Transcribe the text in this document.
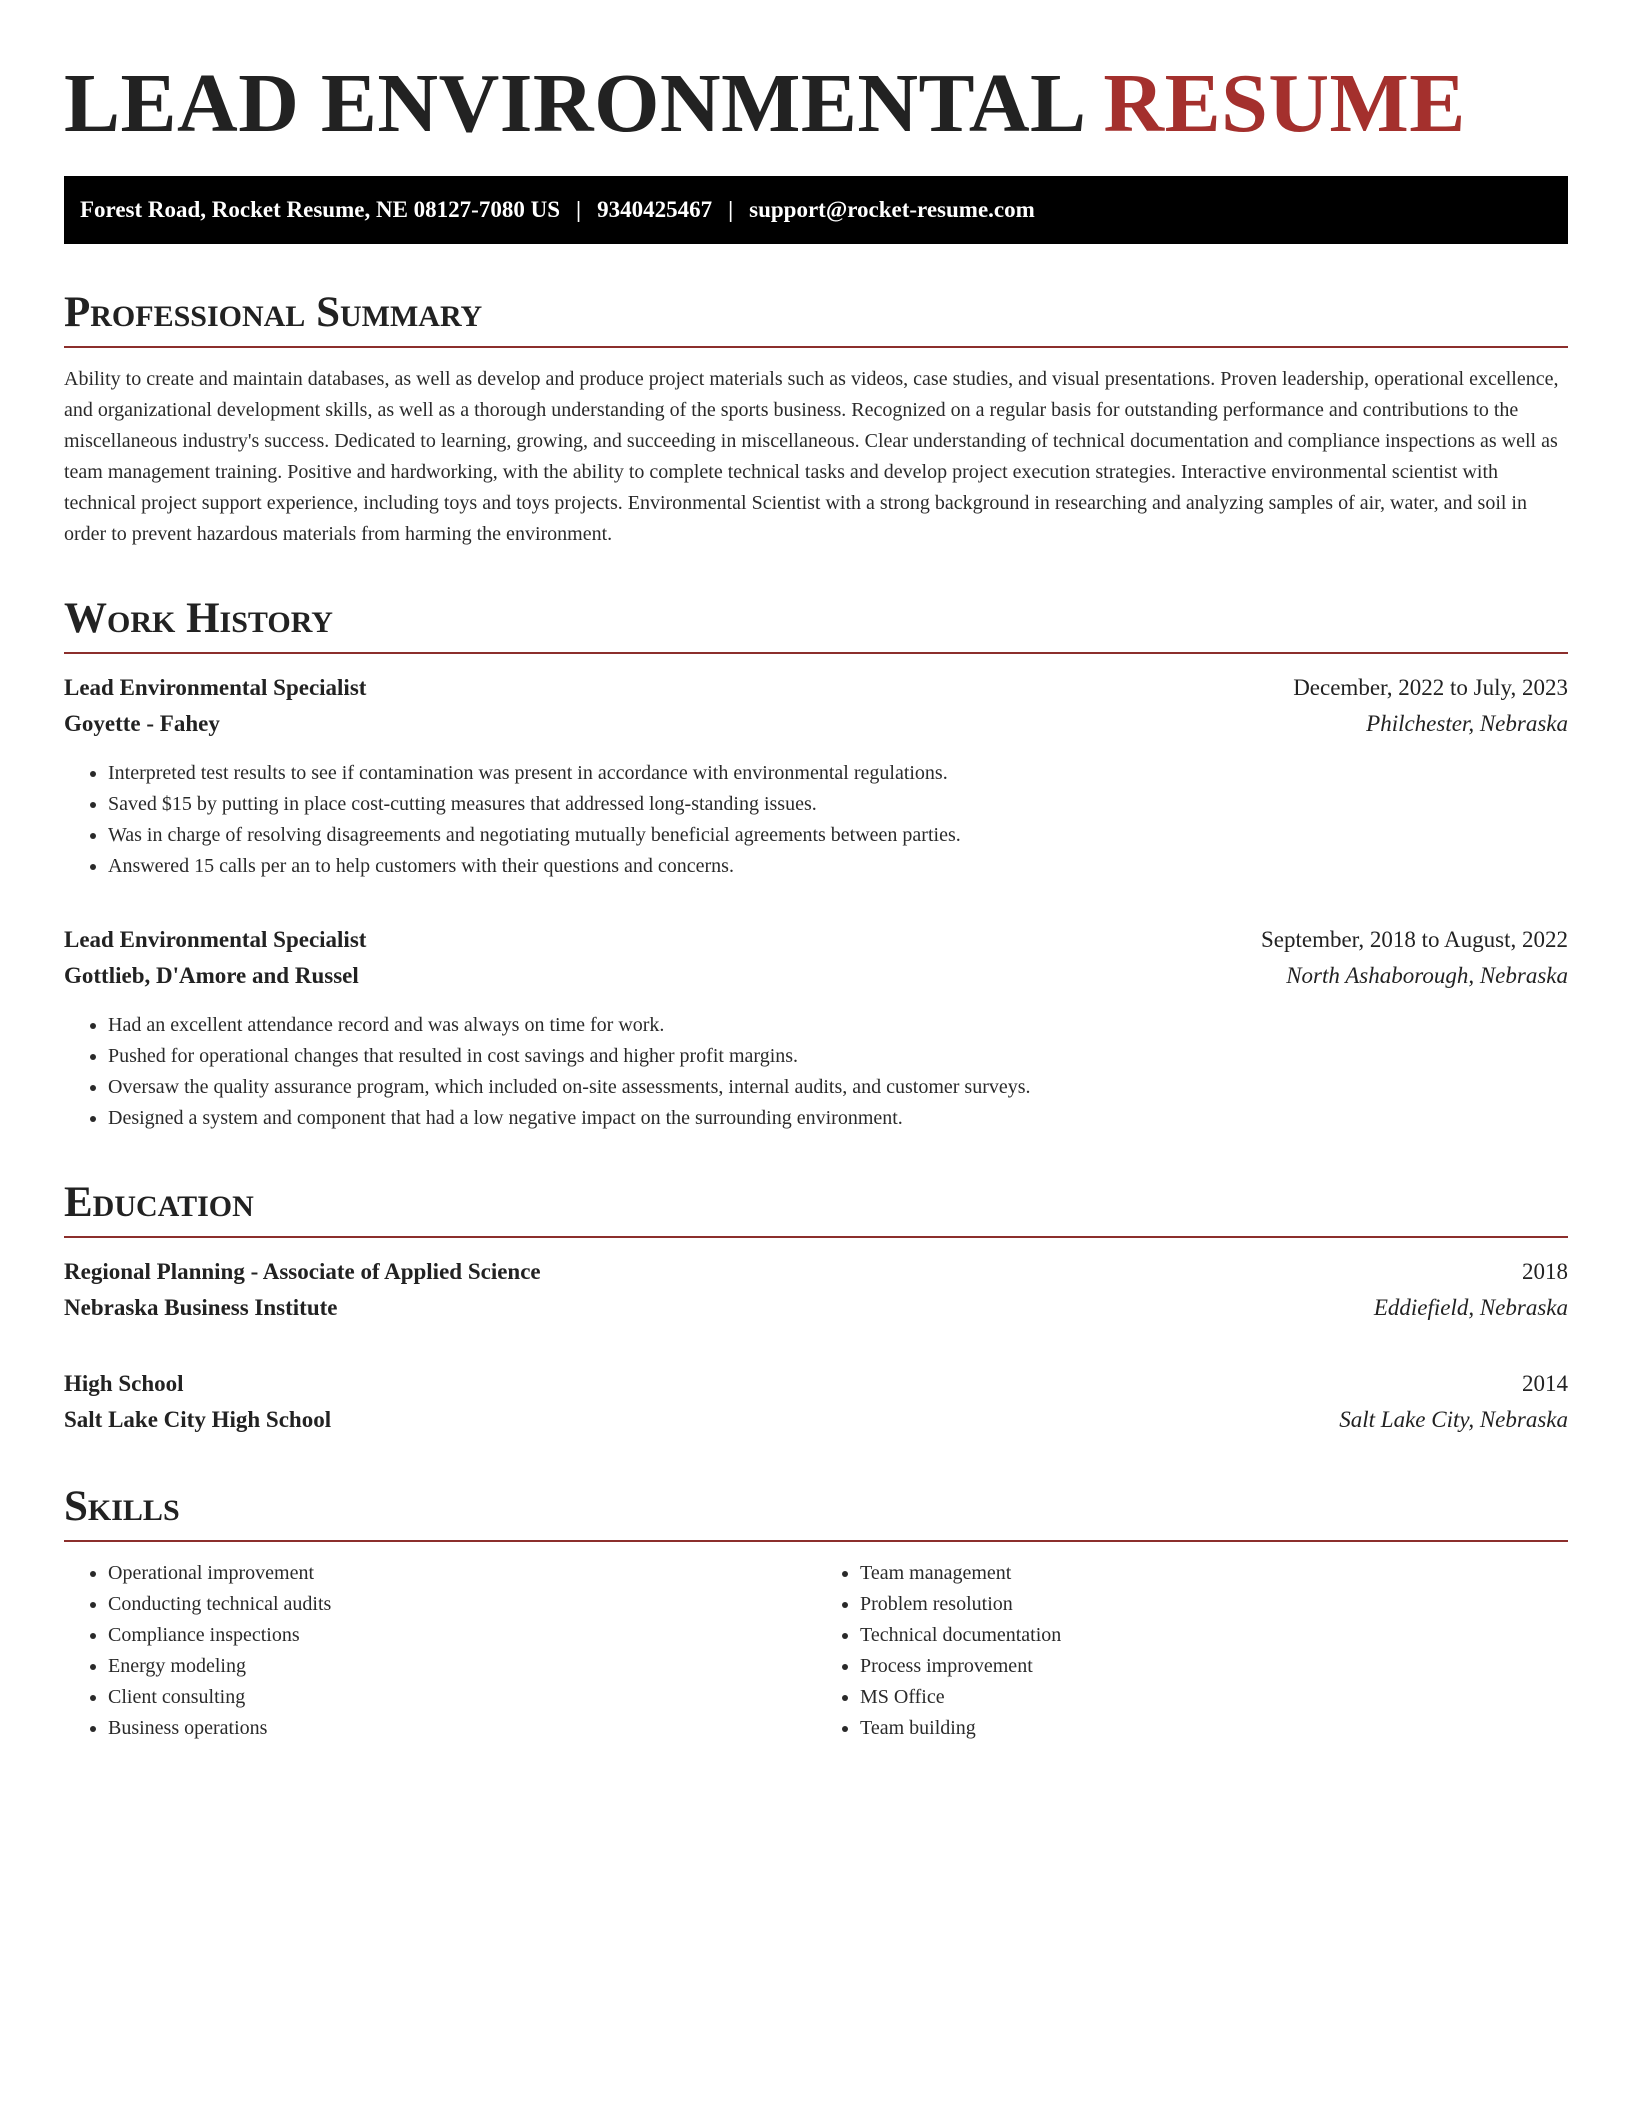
LEAD ENVIRONMENTAL RESUME
Forest Road, Rocket Resume, NE 08127-7080 US | 9340425467 | support@rocket-resume.com
Professional Summary

Ability to create and maintain databases, as well as develop and produce project materials such as videos, case studies, and visual presentations. Proven leadership, operational excellence, and organizational development skills, as well as a thorough understanding of the sports business. Recognized on a regular basis for outstanding performance and contributions to the miscellaneous industry's success. Dedicated to learning, growing, and succeeding in miscellaneous. Clear understanding of technical documentation and compliance inspections as well as team management training. Positive and hardworking, with the ability to complete technical tasks and develop project execution strategies. Interactive environmental scientist with technical project support experience, including toys and toys projects. Environmental Scientist with a strong background in researching and analyzing samples of air, water, and soil in order to prevent hazardous materials from harming the environment.

Work History
Lead Environmental Specialist	December, 2022 to July, 2023
Goyette - Fahey	Philchester, Nebraska
• Interpreted test results to see if contamination was present in accordance with environmental regulations.
• Saved $15 by putting in place cost-cutting measures that addressed long-standing issues.
• Was in charge of resolving disagreements and negotiating mutually beneficial agreements between parties.
• Answered 15 calls per an to help customers with their questions and concerns.
Lead Environmental Specialist	September, 2018 to August, 2022
Gottlieb, D'Amore and Russel	North Ashaborough, Nebraska
• Had an excellent attendance record and was always on time for work.
• Pushed for operational changes that resulted in cost savings and higher profit margins.
• Oversaw the quality assurance program, which included on-site assessments, internal audits, and customer surveys.
• Designed a system and component that had a low negative impact on the surrounding environment.
Education
Regional Planning - Associate of Applied Science	2018
Nebraska Business Institute	Eddiefield, Nebraska
High School	2014
Salt Lake City High School	Salt Lake City, Nebraska
Skills
• Operational improvement
• Conducting technical audits
• Compliance inspections
• Energy modeling
• Client consulting
• Business operations
• Team management
• Problem resolution
• Technical documentation
• Process improvement
• MS Office
• Team building
